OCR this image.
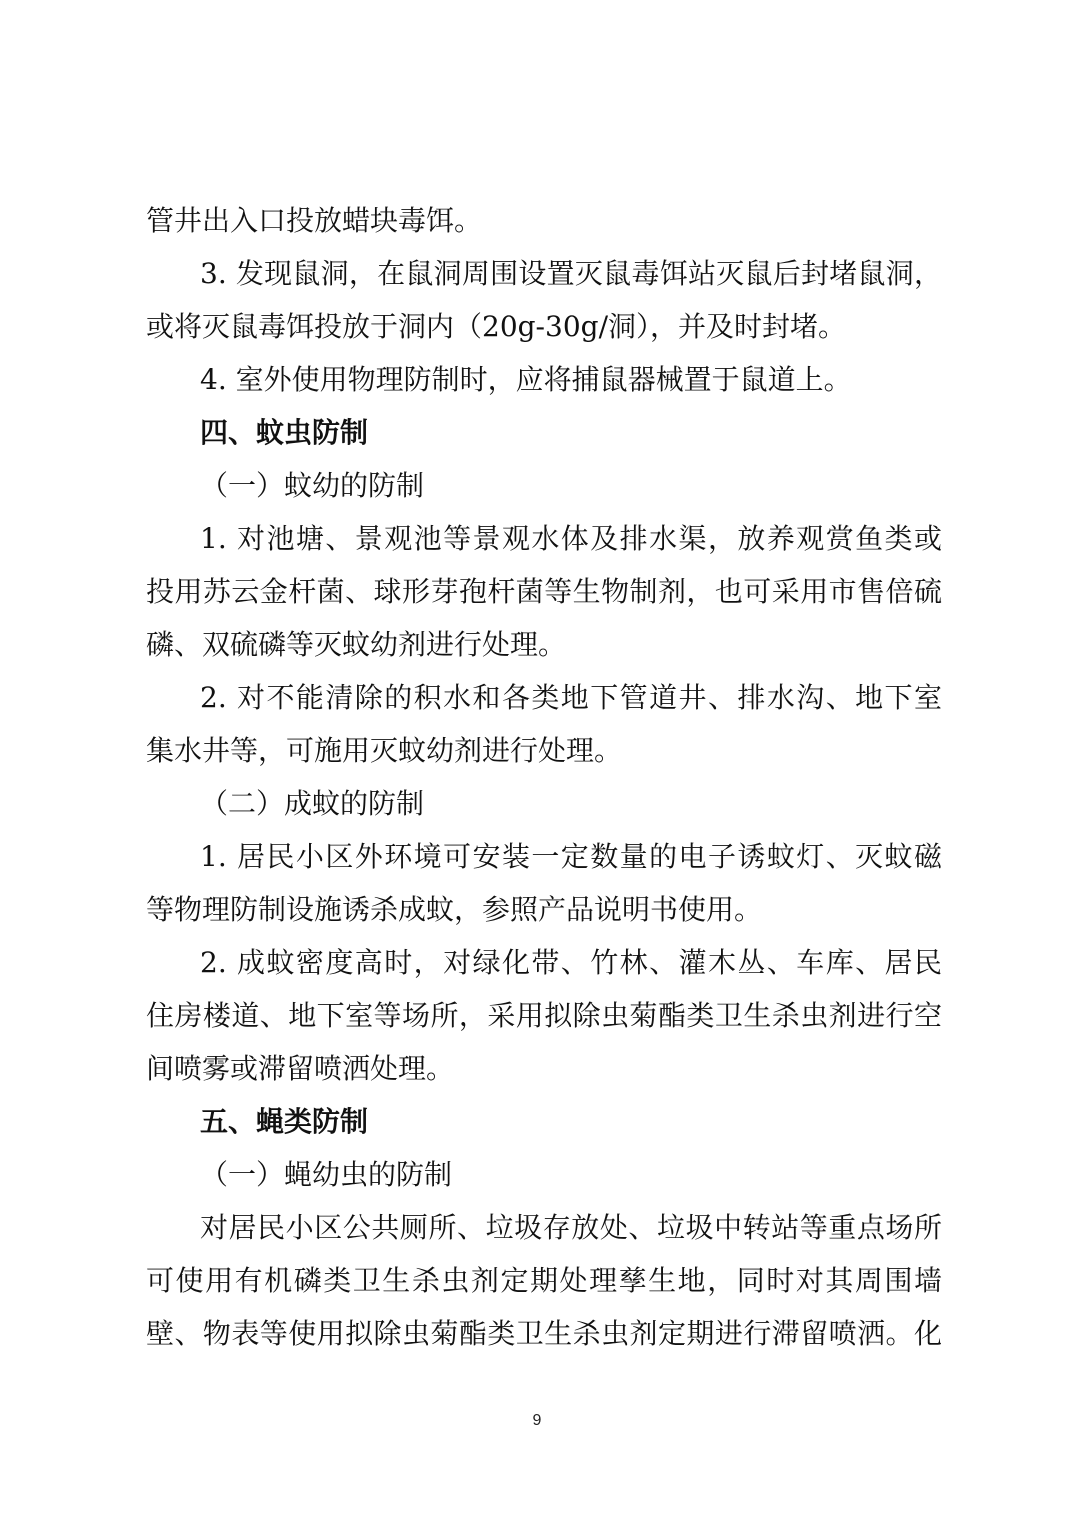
管井出入口投放蜡块毒饵。
3. 发现鼠洞，在鼠洞周围设置灭鼠毒饵站灭鼠后封堵鼠洞，
或将灭鼠毒饵投放于洞内（20g-30g/洞），并及时封堵。
4. 室外使用物理防制时，应将捕鼠器械置于鼠道上。
四、蚊虫防制
（一）蚊幼的防制
1. 对池塘、景观池等景观水体及排水渠，放养观赏鱼类或
投用苏云金杆菌、球形芽孢杆菌等生物制剂，也可采用市售倍硫
磷、双硫磷等灭蚊幼剂进行处理。
2. 对不能清除的积水和各类地下管道井、排水沟、地下室
集水井等，可施用灭蚊幼剂进行处理。
（二）成蚊的防制
1. 居民小区外环境可安装一定数量的电子诱蚊灯、灭蚊磁
等物理防制设施诱杀成蚊，参照产品说明书使用。
2. 成蚊密度高时，对绿化带、竹林、灌木丛、车库、居民
住房楼道、地下室等场所，采用拟除虫菊酯类卫生杀虫剂进行空
间喷雾或滞留喷洒处理。
五、蝇类防制
（一）蝇幼虫的防制
对居民小区公共厕所、垃圾存放处、垃圾中转站等重点场所
可使用有机磷类卫生杀虫剂定期处理孳生地，同时对其周围墙
壁、物表等使用拟除虫菊酯类卫生杀虫剂定期进行滞留喷洒。化
9
